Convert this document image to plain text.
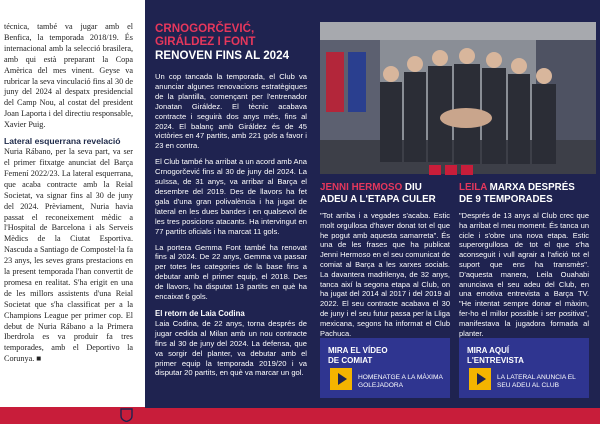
técnica, també va jugar amb el Benfica, la temporada 2018/19. És internacional amb la selecció brasilera, amb qui està preparant la Copa Amèrica del mes vinent. Geyse va rubricar la seva vinculació fins al 30 de juny del 2024 al despatx presidencial del Camp Nou, al costat del president Joan Laporta i del directiu responsable, Xavier Puig.

Lateral esquerrana revelació

Nuria Rábano, per la seva part, va ser el primer fitxatge anunciat del Barça Femení 2022/23. La lateral esquerrana, que acaba contracte amb la Reial Societat, va signar fins al 30 de juny del 2024. Prèviament, Nuria havia passat el reconeixement mèdic a l'Hospital de Barcelona i als Serveis Mèdics de la Ciutat Esportiva. Nascuda a Santiago de Compostel·la fa 23 anys, les seves grans prestacions en la present temporada l'han convertit de promesa en realitat. S'ha erigit en una de les millors assistents d'una Reial Societat que s'ha classificat per a la Champions League per primer cop. El debut de Nuria Rábano a la Primera Iberdrola es va produir fa tres temporades, amb el Deportivo la Corunya. ■

CRNOGORČEVIĆ, GIRÁLDEZ I FONT
RENOVEN FINS AL 2024

Un cop tancada la temporada, el Club va anunciar algunes renovacions estratègiques de la plantilla, començant per l'entrenador Jonatan Giráldez. El tècnic acabava contracte i seguirà dos anys més, fins al 2024. El balanç amb Giráldez és de 45 victòries en 47 partits, amb 221 gols a favor i 23 en contra.

El Club també ha arribat a un acord amb Ana Crnogorčević fins al 30 de juny del 2024. La suïssa, de 31 anys, va arribar al Barça el desembre del 2019. Des de llavors ha fet gala d'una gran polivalència i ha jugat de lateral en les dues bandes i en qualsevol de les tres posicions atacants. Ha intervingut en 77 partits oficials i ha marcat 11 gols.

La portera Gemma Font també ha renovat fins al 2024. De 22 anys, Gemma va passar per totes les categories de la base fins a debutar amb el primer equip, el 2018. Des de llavors, ha disputat 13 partits en què ha encaixat 6 gols.

El retorn de Laia Codina

Laia Codina, de 22 anys, torna després de jugar cedida al Milan amb un nou contracte fins al 30 de juny del 2024. La defensa, que va sorgir del planter, va debutar amb el primer equip la temporada 2019/20 i va disputar 20 partits, en què va marcar un gol.

JENNI HERMOSO DIU ADEU A L'ETAPA CULER

"Tot arriba i a vegades s'acaba. Estic molt orgullosa d'haver donat tot el que he pogut amb aquesta samarreta". És una de les frases que ha publicat Jenni Hermoso en el seu comunicat de comiat al Barça a les xarxes socials. La davantera madrilenya, de 32 anys, tanca així la segona etapa al Club, on ha jugat del 2014 al 2017 i del 2019 al 2022. El seu contracte acabava el 30 de juny i el seu futur passa per la Lliga mexicana, segons ha informat el Club Pachuca.

LEILA MARXA DESPRÉS DE 9 TEMPORADES

"Després de 13 anys al Club crec que ha arribat el meu moment. És tanca un cicle i s'obre una nova etapa. Estic superorgullosa de tot el que s'ha aconseguit i vull agrair a l'afició tot el suport que ens ha transmès". D'aquesta manera, Leila Ouahabi anunciava el seu adeu del Club, en una emotiva entrevista a Barça TV. "He intentat sempre donar el màxim, fer-ho el millor possible i ser positiva", manifestava la jugadora formada al planter.

MIRA EL VÍDEO DE COMIAT
HOMENATGE A LA MÀXIMA GOLEJADORA
MIRA AQUÍ L'ENTREVISTA
LA LATERAL ANUNCIA EL SEU ADEU AL CLUB
